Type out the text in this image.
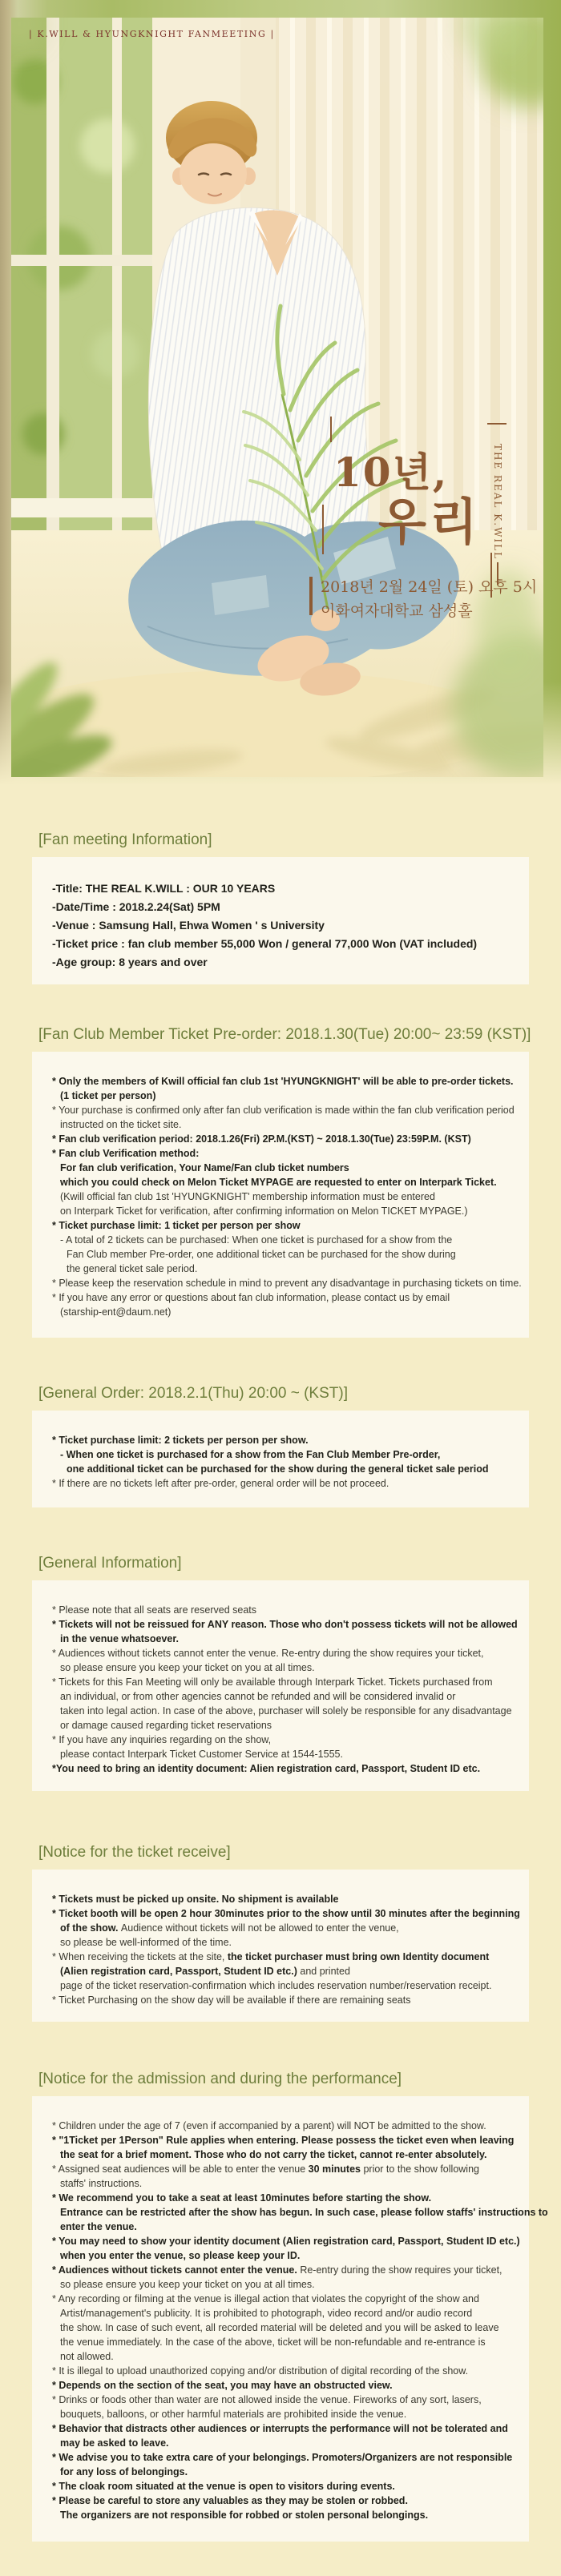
| K.WILL & HYUNGKNIGHT FANMEETING |
10년,
우리 THE REAL K.WILL
2018년 2월 24일 (토) 오후 5시
이화여자대학교 삼성홀
[Fan meeting Information]
-Title: THE REAL K.WILL : OUR 10 YEARS
-Date/Time : 2018.2.24(Sat) 5PM
-Venue : Samsung Hall, Ehwa Women ' s University
-Ticket price : fan club member 55,000 Won / general 77,000 Won (VAT included)
-Age group: 8 years and over
[Fan Club Member Ticket Pre-order: 2018.1.30(Tue) 20:00~ 23:59 (KST)]
* Only the members of Kwill official fan club 1st 'HYUNGKNIGHT' will be able to pre-order tickets.
(1 ticket per person)
* Your purchase is confirmed only after fan club verification is made within the fan club verification period
instructed on the ticket site.
* Fan club verification period: 2018.1.26(Fri) 2P.M.(KST) ~ 2018.1.30(Tue) 23:59P.M. (KST)
* Fan club Verification method:
For fan club verification, Your Name/Fan club ticket numbers
which you could check on Melon Ticket MYPAGE are requested to enter on Interpark Ticket.
(Kwill official fan club 1st 'HYUNGKNIGHT' membership information must be entered
on Interpark Ticket for verification, after confirming information on Melon TICKET MYPAGE.)
* Ticket purchase limit: 1 ticket per person per show
- A total of 2 tickets can be purchased: When one ticket is purchased for a show from the
Fan Club member Pre-order, one additional ticket can be purchased for the show during
the general ticket sale period.
* Please keep the reservation schedule in mind to prevent any disadvantage in purchasing tickets on time.
* If you have any error or questions about fan club information, please contact us by email
(starship-ent@daum.net)
[General Order: 2018.2.1(Thu) 20:00 ~ (KST)]
* Ticket purchase limit: 2 tickets per person per show.
- When one ticket is purchased for a show from the Fan Club Member Pre-order,
one additional ticket can be purchased for the show during the general ticket sale period
* If there are no tickets left after pre-order, general order will be not proceed.
[General Information]
* Please note that all seats are reserved seats
* Tickets will not be reissued for ANY reason. Those who don't possess tickets will not be allowed
in the venue whatsoever.
* Audiences without tickets cannot enter the venue. Re-entry during the show requires your ticket,
so please ensure you keep your ticket on you at all times.
* Tickets for this Fan Meeting will only be available through Interpark Ticket. Tickets purchased from
an individual, or from other agencies cannot be refunded and will be considered invalid or
taken into legal action. In case of the above, purchaser will solely be responsible for any disadvantage
or damage caused regarding ticket reservations
* If you have any inquiries regarding on the show,
please contact Interpark Ticket Customer Service at 1544-1555.
*You need to bring an identity document: Alien registration card, Passport, Student ID etc.
[Notice for the ticket receive]
* Tickets must be picked up onsite. No shipment is available
* Ticket booth will be open 2 hour 30minutes prior to the show until 30 minutes after the beginning
of the show. Audience without tickets will not be allowed to enter the venue,
so please be well-informed of the time.
* When receiving the tickets at the site, the ticket purchaser must bring own Identity document
(Alien registration card, Passport, Student ID etc.) and printed
page of the ticket reservation-confirmation which includes reservation number/reservation receipt.
* Ticket Purchasing on the show day will be available if there are remaining seats
[Notice for the admission and during the performance]
* Children under the age of 7 (even if accompanied by a parent) will NOT be admitted to the show.
* "1Ticket per 1Person" Rule applies when entering. Please possess the ticket even when leaving
the seat for a brief moment. Those who do not carry the ticket, cannot re-enter absolutely.
* Assigned seat audiences will be able to enter the venue 30 minutes prior to the show following
staffs' instructions.
* We recommend you to take a seat at least 10minutes before starting the show.
Entrance can be restricted after the show has begun. In such case, please follow staffs' instructions to
enter the venue.
* You may need to show your identity document (Alien registration card, Passport, Student ID etc.)
when you enter the venue, so please keep your ID.
* Audiences without tickets cannot enter the venue. Re-entry during the show requires your ticket,
so please ensure you keep your ticket on you at all times.
* Any recording or filming at the venue is illegal action that violates the copyright of the show and
Artist/management's publicity. It is prohibited to photograph, video record and/or audio record
the show. In case of such event, all recorded material will be deleted and you will be asked to leave
the venue immediately. In the case of the above, ticket will be non-refundable and re-entrance is
not allowed.
* It is illegal to upload unauthorized copying and/or distribution of digital recording of the show.
* Depends on the section of the seat, you may have an obstructed view.
* Drinks or foods other than water are not allowed inside the venue. Fireworks of any sort, lasers,
bouquets, balloons, or other harmful materials are prohibited inside the venue.
* Behavior that distracts other audiences or interrupts the performance will not be tolerated and
may be asked to leave.
* We advise you to take extra care of your belongings. Promoters/Organizers are not responsible
for any loss of belongings.
* The cloak room situated at the venue is open to visitors during events.
* Please be careful to store any valuables as they may be stolen or robbed.
The organizers are not responsible for robbed or stolen personal belongings.
